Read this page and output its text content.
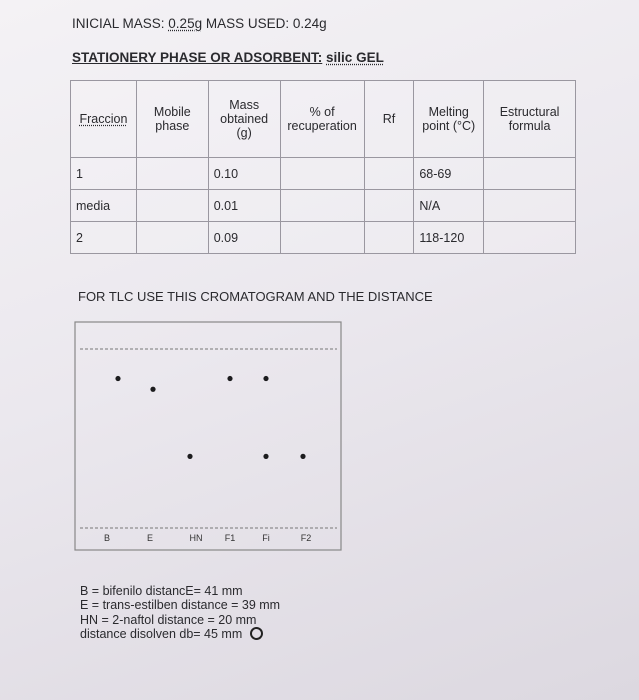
INICIAL MASS: 0.25g MASS USED: 0.24g
STATIONERY PHASE OR ADSORBENT: silic GEL
Fraccion	Mobile phase	Mass obtained (g)	% of recuperation	Rf	Melting point (°C)	Estructural formula
1		0.10			68-69	
media		0.01			N/A	
2		0.09			118-120	
FOR TLC USE THIS CROMATOGRAM AND THE DISTANCE
B	E	HN F1	Fi	F2
B = bifenilo distancE= 41 mm
E = trans-estilben distance = 39 mm
HN = 2-naftol distance = 20 mm
distance disolven db= 45 mm
